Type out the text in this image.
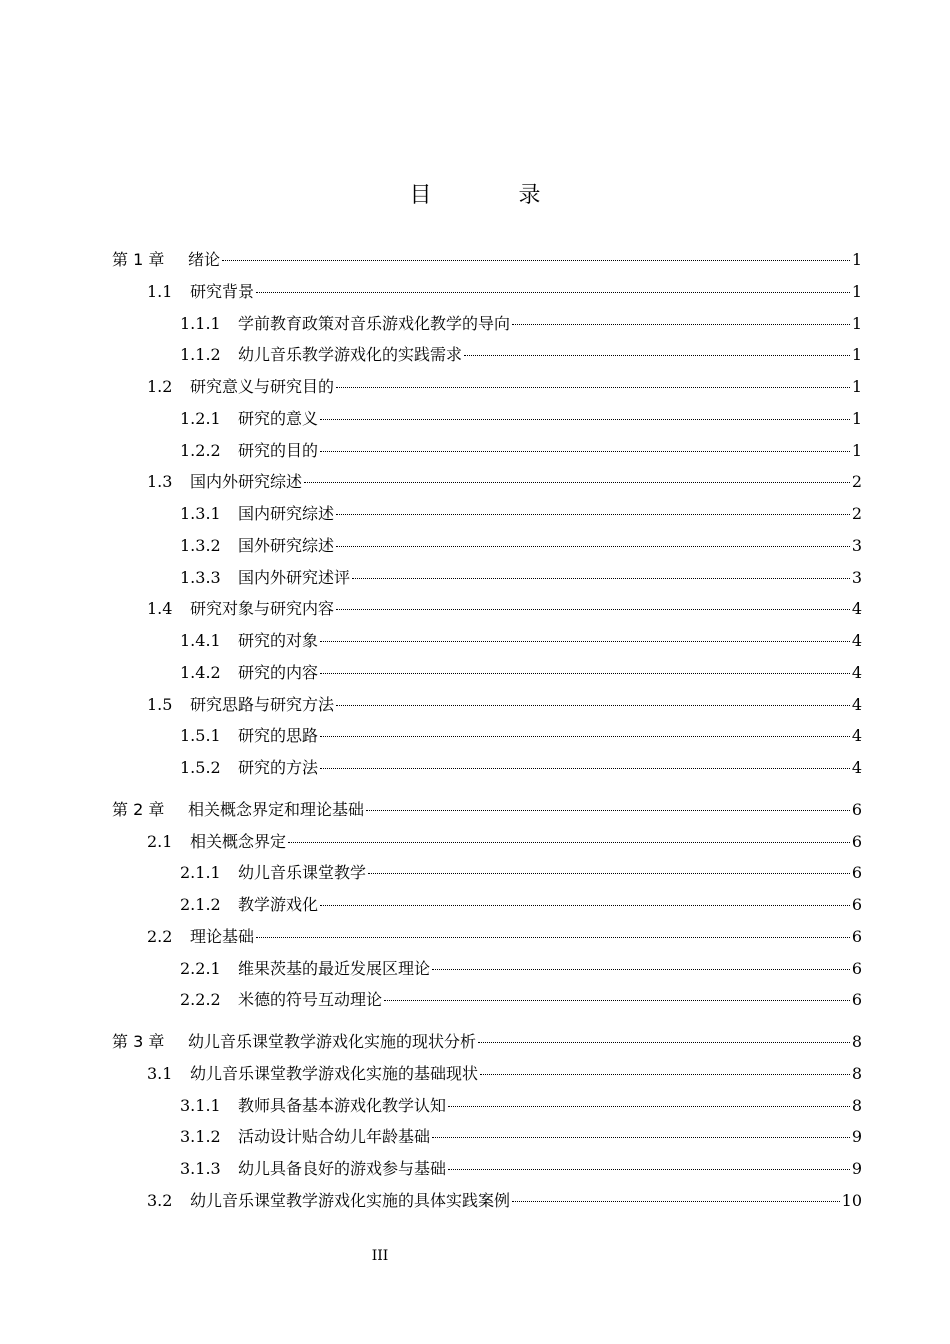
目 录
第 1 章	绪论	1
1.1	研究背景	1
1.1.1	学前教育政策对音乐游戏化教学的导向	1
1.1.2	幼儿音乐教学游戏化的实践需求	1
1.2	研究意义与研究目的	1
1.2.1	研究的意义	1
1.2.2	研究的目的	1
1.3	国内外研究综述	2
1.3.1	国内研究综述	2
1.3.2	国外研究综述	3
1.3.3	国内外研究述评	3
1.4	研究对象与研究内容	4
1.4.1	研究的对象	4
1.4.2	研究的内容	4
1.5	研究思路与研究方法	4
1.5.1	研究的思路	4
1.5.2	研究的方法	4
第 2 章	相关概念界定和理论基础	6
2.1	相关概念界定	6
2.1.1	幼儿音乐课堂教学	6
2.1.2	教学游戏化	6
2.2	理论基础	6
2.2.1	维果茨基的最近发展区理论	6
2.2.2	米德的符号互动理论	6
第 3 章	幼儿音乐课堂教学游戏化实施的现状分析	8
3.1	幼儿音乐课堂教学游戏化实施的基础现状	8
3.1.1	教师具备基本游戏化教学认知	8
3.1.2	活动设计贴合幼儿年龄基础	9
3.1.3	幼儿具备良好的游戏参与基础	9
3.2	幼儿音乐课堂教学游戏化实施的具体实践案例	10
III
